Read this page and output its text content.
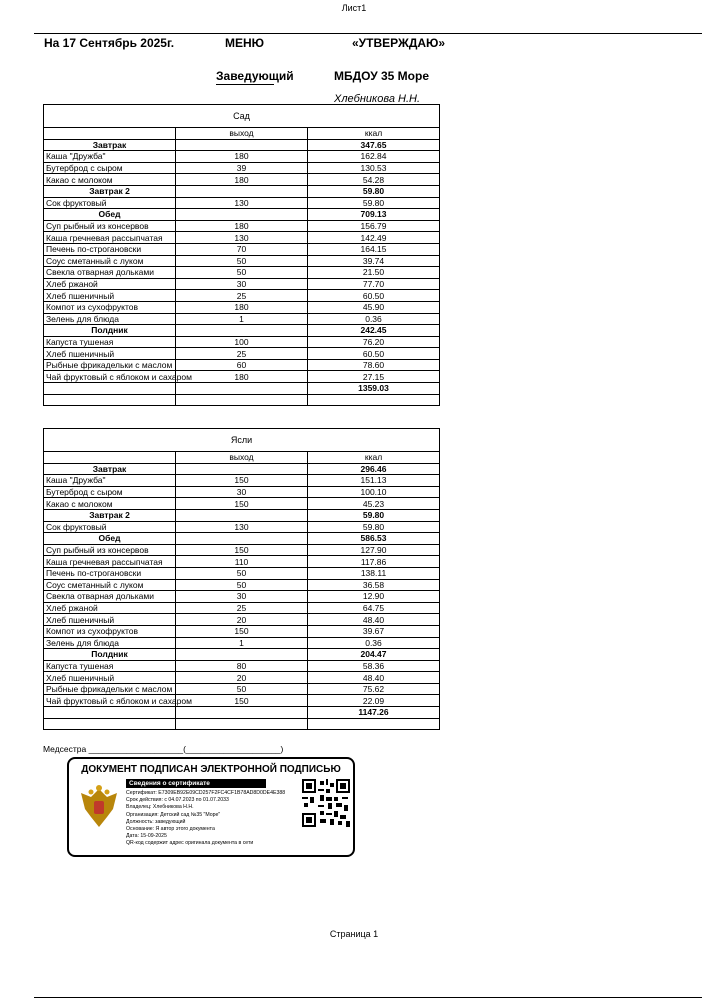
Лист1
На 17 Сентябрь 2025г.	МЕНЮ	«УТВЕРЖДАЮ»
Заведующий	МБДОУ 35 Море
Хлебникова Н.Н.
Сад		
	выход	ккал
Завтрак		347.65
Каша "Дружба"	180	162.84
Бутерброд с сыром	39	130.53
Какао с молоком	180	54.28
Завтрак 2		59.80
Сок фруктовый	130	59.80
Обед		709.13
Суп рыбный из консервов	180	156.79
Каша гречневая рассыпчатая	130	142.49
Печень по-строгановски	70	164.15
Соус сметанный с луком	50	39.74
Свекла отварная дольками	50	21.50
Хлеб ржаной	30	77.70
Хлеб пшеничный	25	60.50
Компот из сухофруктов	180	45.90
Зелень для блюда	1	0.36
Полдник		242.45
Капуста тушеная	100	76.20
Хлеб пшеничный	25	60.50
Рыбные фрикадельки с маслом	60	78.60
Чай фруктовый с яблоком и сахаром	180	27.15
		1359.03

Ясли		
	выход	ккал
Завтрак		296.46
Каша "Дружба"	150	151.13
Бутерброд с сыром	30	100.10
Какао с молоком	150	45.23
Завтрак 2		59.80
Сок фруктовый	130	59.80
Обед		586.53
Суп рыбный из консервов	150	127.90
Каша гречневая рассыпчатая	110	117.86
Печень по-строгановски	50	138.11
Соус сметанный с луком	50	36.58
Свекла отварная дольками	30	12.90
Хлеб ржаной	25	64.75
Хлеб пшеничный	20	48.40
Компот из сухофруктов	150	39.67
Зелень для блюда	1	0.36
Полдник		204.47
Капуста тушеная	80	58.36
Хлеб пшеничный	20	48.40
Рыбные фрикадельки с маслом	50	75.62
Чай фруктовый с яблоком и сахаром	150	22.09
		1147.26

Медсестра ____________________(____________________)
ДОКУМЕНТ ПОДПИСАН ЭЛЕКТРОННОЙ ПОДПИСЬЮ
Сведения о сертификате
Сертификат: E7309EB92E09CD257F2FC4CF1B78AD8D0DE4E388
Срок действия: с 04.07.2023 по 01.07.2033
Владелец: Хлебникова Н.Н.
Организация: Детский сад №35 "Море"
Должность: заведующий
Основание: Я автор этого документа
Дата: 15-09-2025
QR-код содержит адрес оригинала документа в сети
Страница 1
